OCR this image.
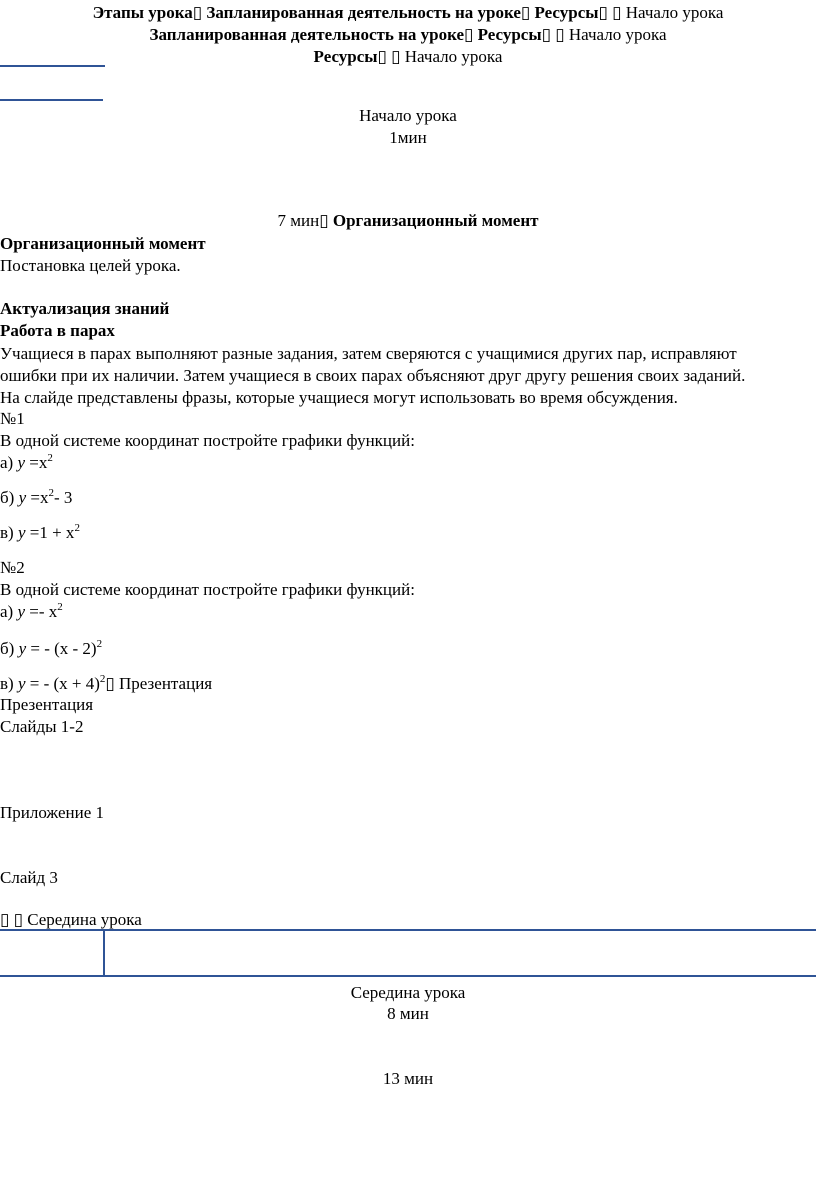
Этапы урока▯ Запланированная деятельность на уроке▯ Ресурсы▯ ▯ Начало урока
Запланированная деятельность на уроке▯ Ресурсы▯ ▯ Начало урока
Ресурсы▯ ▯ Начало урока
Начало урока
1мин
7 мин▯ Организационный момент
Организационный момент
Постановка целей урока.
Актуализация знаний
Работа в парах
Учащиеся в парах выполняют разные задания, затем сверяются с учащимися других пар, исправляют
ошибки при их наличии. Затем учащиеся в своих парах объясняют друг другу решения своих заданий.
На слайде представлены фразы, которые учащиеся могут использовать во время обсуждения.
№1
В одной системе координат постройте графики функций:
а) $y =x^2$
б) $y =x^2-$ 3
в) $y =1 + x^2$
№2
В одной системе координат постройте графики функций:
а) $y =- x^2$
б) y = - (x - 2)$^2$
в) y = - $(x + 4)^2▯$ Презентация
Презентация
Слайды 1-2
Приложение 1
Слайд 3
▯ ▯ Середина урока
Середина урока
8 мин
13 мин
